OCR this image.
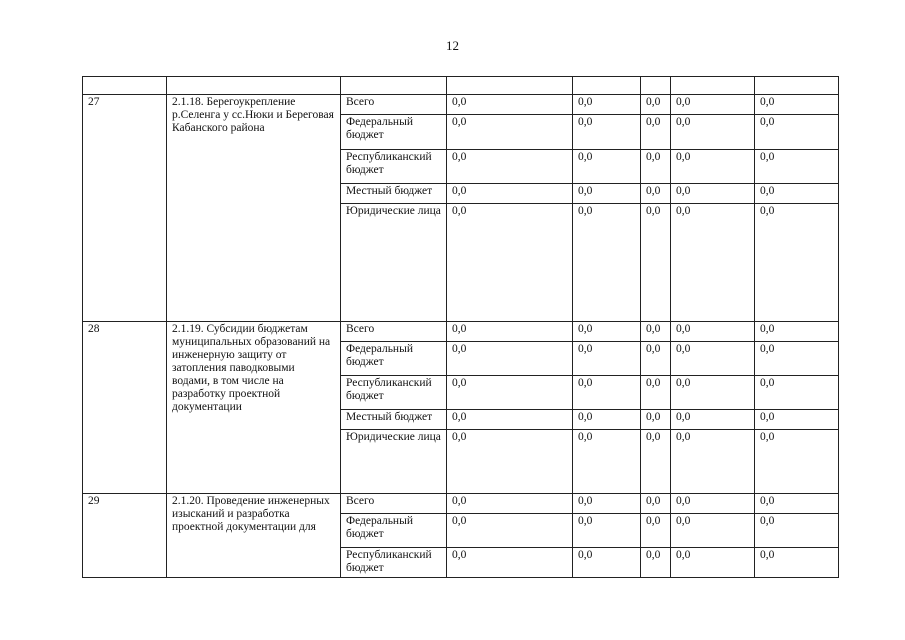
12

27	2.1.18. Берегоукрепление р.Селенга у сс.Нюки и Береговая Кабанского района	Всего	0,0	0,0	0,0	0,0	0,0
		Федеральный бюджет	0,0	0,0	0,0	0,0	0,0
		Республиканский бюджет	0,0	0,0	0,0	0,0	0,0
		Местный бюджет	0,0	0,0	0,0	0,0	0,0
		Юридические лица	0,0	0,0	0,0	0,0	0,0
28	2.1.19. Субсидии бюджетам муниципальных образований на инженерную защиту от затопления паводковыми водами, в том числе на разработку проектной документации	Всего	0,0	0,0	0,0	0,0	0,0
		Федеральный бюджет	0,0	0,0	0,0	0,0	0,0
		Республиканский бюджет	0,0	0,0	0,0	0,0	0,0
		Местный бюджет	0,0	0,0	0,0	0,0	0,0
		Юридические лица	0,0	0,0	0,0	0,0	0,0
29	2.1.20. Проведение инженерных изысканий и разработка проектной документации для	Всего	0,0	0,0	0,0	0,0	0,0
		Федеральный бюджет	0,0	0,0	0,0	0,0	0,0
		Республиканский бюджет	0,0	0,0	0,0	0,0	0,0
